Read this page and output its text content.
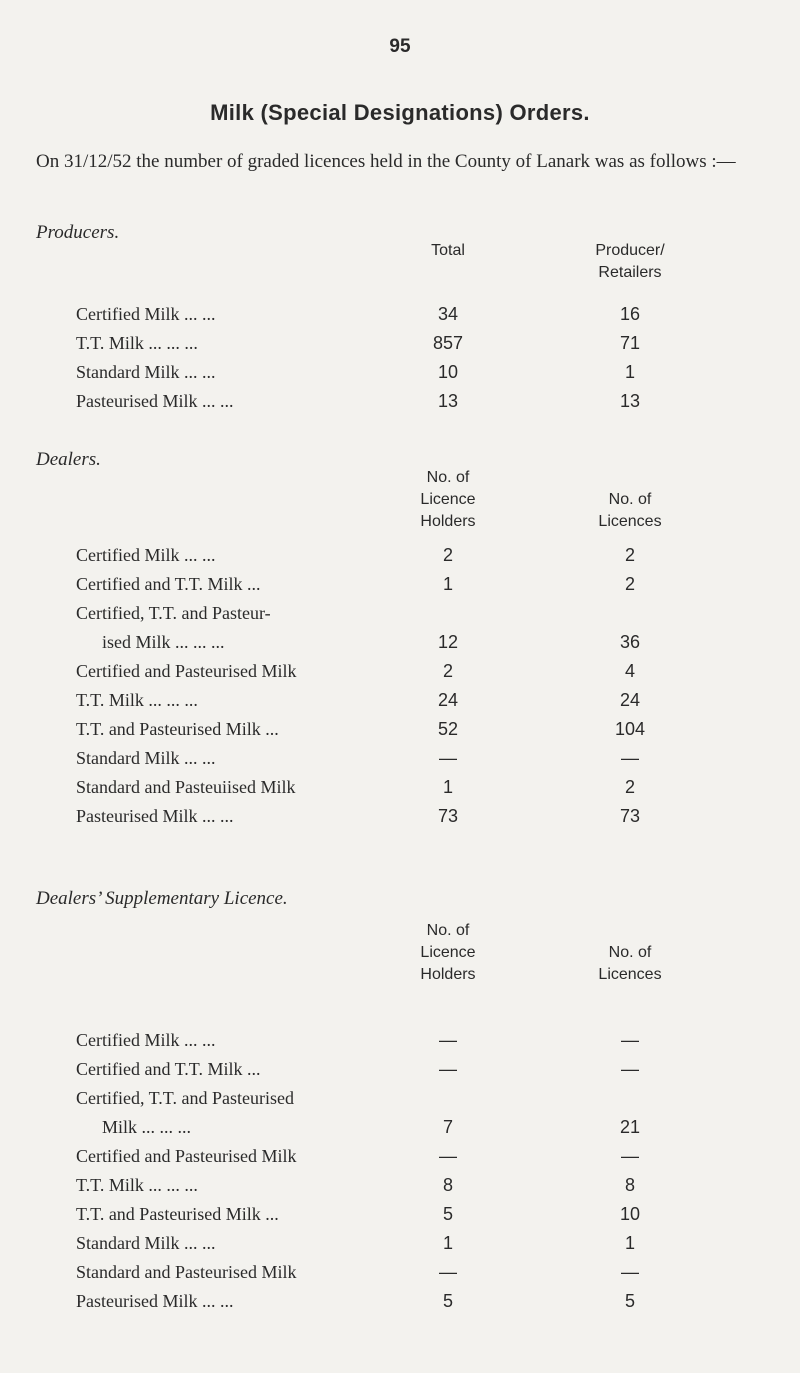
95
Milk (Special Designations) Orders.
On 31/12/52 the number of graded licences held in the County of Lanark was as follows :—
Producers.
Total	Producer/
Retailers
Certified Milk ... ...	34	16
T.T. Milk ... ... ...	857	71
Standard Milk ... ...	10	1
Pasteurised Milk ... ...	13	13
Dealers.
No. of
Licence
Holders
No. of
Licences
Certified Milk ... ...	2	2
Certified and T.T. Milk ...	1	2
Certified, T.T. and Pasteur-
ised Milk ... ... ...	12	36
Certified and Pasteurised Milk	2	4
T.T. Milk ... ... ...	24	24
T.T. and Pasteurised Milk ...	52	104
Standard Milk ... ...	—	—
Standard and Pasteuiised Milk	1	2
Pasteurised Milk ... ...	73	73
Dealers’ Supplementary Licence.
No. of
Licence
Holders
No. of
Licences
Certified Milk ... ...	—	—
Certified and T.T. Milk ...	—	—
Certified, T.T. and Pasteurised
Milk ... ... ...	7	21
Certified and Pasteurised Milk	—	—
T.T. Milk ... ... ...	8	8
T.T. and Pasteurised Milk ...	5	10
Standard Milk ... ...	1	1
Standard and Pasteurised Milk	—	—
Pasteurised Milk ... ...	5	5
